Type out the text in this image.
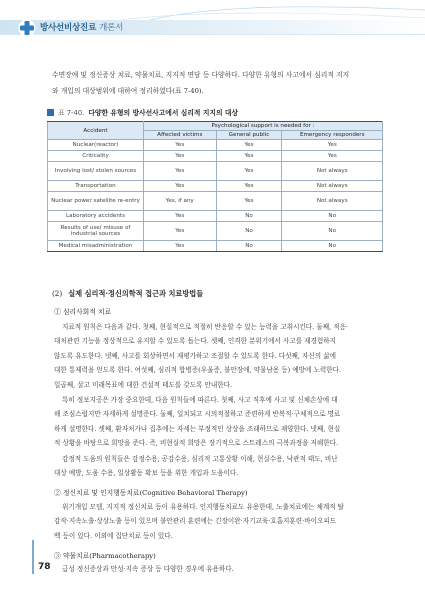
방사선비상진료 개론서
수면장애 및 정신증상 치료, 약물치료, 지지적 면담 등 다양하다. 다양한 유형의 사고에서 심리적 지지
와 개입의 대상범위에 대하여 정리하였다(표 7-40).
표 7-40. 다양한 유형의 방사선사고에서 심리적 지지의 대상
Accident	Psychological support is needed for :		
	Affected victims	General public	Emergency responders
Nuclear(reactor)	Yes	Yes	Yes
Criticality	Yes	Yes	Yes
Involving lost/ stolen sources	Yes	Yes	Not always
Transportation	Yes	Yes	Not always
Nuclear power satellite re-entry	Yes, if any	Yes	Not always
Laboratory accidents	Yes	No	No
Results of use/ misuse of industrial sources	Yes	No	No
Medical misadministration	Yes	No	No
(2) 실제 심리적·정신의학적 접근과 치료방법들
① 심리사회적 치료
지료적 원칙은 다음과 같다. 첫째, 현실적으로 적절히 반응할 수 있는 능력을 고취시킨다. 둘째, 적응·
대처관련 기능을 정상적으로 유지할 수 있도록 돕는다. 셋째, 인격한 분위기에서 사고를 재경험하지
않도록 유도한다. 넷째, 사고를 회상하면서 재평가하고 조절할 수 있도록 한다. 다섯째, 자신의 삶에
대한 통제력을 얻도록 한다. 여섯째, 심리적 합병증(우울증, 불안장애, 약물남용 등) 예방에 노력한다.
일곱째, 살고 미래목표에 대한 건설적 태도를 갖도록 안내한다.
특히 정보지공은 가장 중요한데, 다음 원칙들에 따른다. 첫째, 사고 직후에 사고 및 신체손상에 대
해 조심스럽지만 자세하게 설명준다. 둘째, 일치되고 시의적절하고 준련하게 반복적·구체적으로 명료
하게 설명한다. 셋째, 환자처가나 집추에는 자세는 부정적인 상상을 조래하므로 재양한다. 넷째, 현실
적 상황을 바탕으로 희망을 준다. 즉, 비현실적 희망은 장기적으로 스트레스의 극복과정을 저해한다.
감정적 도움의 원칙들은 감정수용, 공감수용, 심리적 고통상황 이해, 현실수용, 낙관적 태도, 비난
대상 예방, 도움 수용, 일상활동 확보 등을 위한 개입과 도움이다.
② 정신치료 및 인지행동치료(Cognitive Behavioral Therapy)
위기개입 모델, 지지적 정신치료 등이 유용하다. 인지행동치료도 유용한데, 노출치료에는 체계적 탈
감작·지속노출·상상노출 등이 있으며 불안관리 훈련에는 긴장이완·자기교육·호흡지훈련·바이오피드
백 등이 있다. 이외에 집단치료 등이 있다.
③ 약물치료(Pharmacotherapy)
급성 정신증상과 만성·지속 증상 등 다양한 경우에 유용하다.
78
